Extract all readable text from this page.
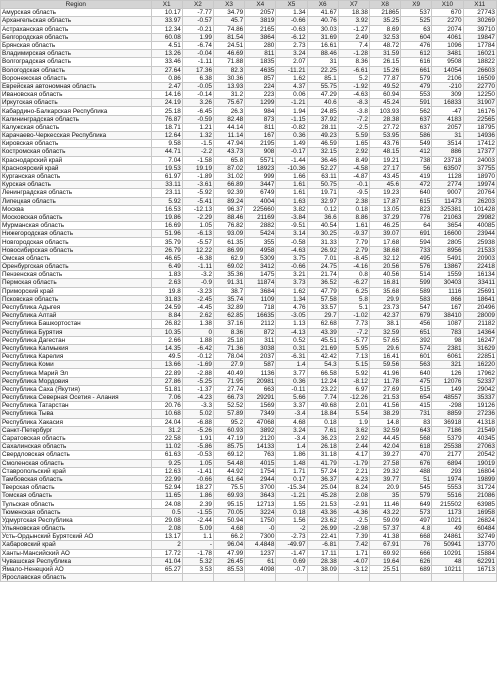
Region	X1	X2	X3	X4	X5	X6	X7	X8	X9	X10	X11
Амурская область	10.17	-7.77	34.79	2057	1.34	41.67	18.38	21865	537	670	27743
Архангельская область	33.97	-0.57	45.7	3819	-0.66	40.76	3.92	35.25	525	2270	30269
Астраханская область	12.34	-0.21	74.86	2165	-0.63	30.03	-1.27	8.69	63	2074	39710
Белгородская область	60.08	1.99	81.54	3864	-6.12	31.69	2.49	32.53	604	4061	19847
Брянская область	4.51	-6.74	24.51	280	2.73	16.61	7.4	48.72	476	1096	17784
Владимирская область	13.26	-0.04	46.69	811	3.24	88.46	-1.28	31.59	612	3481	16021
Волгоградская область	33.46	-1.11	71.88	1835	2.07	31	8.36	26.15	616	9508	18822
Вологодская область	27.64	17.36	82.3	4635	-11.21	22.25	-6.61	15.26	661	14054	26603
Воронежская область	0.86	6.38	30.36	857	1.62	85.1	5.2	77.87	579	2106	16509
Еврейская автономная область	2.47	-0.05	13.93	224	4.37	55.75	-1.92	49.52	479	-210	22770
Ивановская область	14.16	-0.14	31.2	223	0.06	47.29	-4.63	60.94	553	309	12250
Иркутская область	24.19	3.26	75.67	1299	-1.21	40.6	-8.3	45.24	591	16833	31907
Кабардино-Балкарская Республика	25.18	-6.45	26.3	984	1.94	24.85	-3.8	103.93	562	-47	16176
Калининградская область	76.87	-0.59	82.48	873	-1.15	37.92	-7.2	28.38	637	4183	22565
Калужская область	18.71	1.21	44.14	811	-0.82	28.11	-2.5	27.72	637	2057	18795
Карачаево-Черкесская Республика	12.64	1.32	11.14	167	0.36	49.23	5.59	53.95	586	31	14936
Кировская область	9.58	-1.5	47.94	2195	1.49	46.59	1.65	43.76	549	3514	17412
Костромская область	44.71	-2.2	43.73	908	-0.17	32.15	2.92	48.15	412	886	17377
Краснодарский край	7.04	-1.58	65.8	5571	-1.44	36.46	8.49	19.21	738	23718	24003
Красноярский край	19.53	19.19	87.02	18923	-10.36	52.27	-4.58	27.17	56	63507	37755
Курганская область	61.97	-1.89	31.02	999	1.66	63.11	-4.87	43.45	419	1128	18970
Курская область	33.11	-3.61	66.89	3447	1.61	50.75	-0.1	45.6	472	2774	19974
Ленинградская область	23.11	-5.92	92.39	6749	1.61	19.71	-9.5	19.23	640	9007	20764
Липецкая область	5.92	-5.41	89.24	4004	1.63	32.97	2.38	17.87	615	11473	26203
Москва	16.53	-12.13	96.37	225660	3.82	0.12	0.18	13.05	823	325381	101428
Московская область	19.86	-2.29	88.46	21169	-3.84	36.6	8.86	37.29	776	21063	29982
Мурманская область	16.69	1.05	76.82	2882	-9.51	40.54	1.61	46.25	64	3654	40085
Нижегородская область	51.96	-6.13	93.09	5424	3.14	30.25	-9.37	39.07	691	16600	23944
Новгородская область	35.79	-5.57	61.35	355	-0.58	31.33	7.79	17.68	594	2805	25938
Новосибирская область	26.79	12.22	86.99	4958	-4.63	26.92	2.79	38.68	733	8956	21533
Омская область	46.65	-6.38	62.9	5309	3.75	7.01	-8.45	32.12	495	5491	20903
Оренбургская область	6.49	-1.11	69.02	3412	-0.66	24.75	-4.16	20.56	576	13867	22418
Пензенская область	1.83	-3.2	35.36	1475	3.21	21.74	0.8	40.56	514	1559	16134
Пермская область	2.63	-0.9	91.31	11874	3.73	36.52	-6.27	16.81	599	30403	33411
Приморский край	19.8	-3.23	38.7	3684	1.62	47.79	6.25	35.68	589	1116	25691
Псковская область	31.83	-2.45	35.74	1109	1.34	57.58	5.8	29.9	583	866	18641
Республика Адыгея	24.59	-4.45	32.89	718	4.76	33.57	5.1	23.73	547	167	20496
Республика Алтай	8.84	2.62	62.85	16635	-3.05	29.7	-1.02	42.37	679	38410	28009
Республика Башкортостан	26.82	1.38	37.16	2112	1.13	62.68	7.73	38.1	456	1087	21182
Республика Бурятия	10.35	0	8.36	872	-4.13	43.39	-7.2	32.59	651	783	14364
Республика Дагестан	2.66	1.88	25.18	311	0.52	45.51	-5.77	57.65	392	98	16247
Республика Калмыкия	14.35	-6.42	71.36	3038	0.31	21.69	5.95	29.6	574	2381	31629
Республика Карелия	49.5	-0.12	78.04	2037	-6.31	42.42	7.13	16.41	601	6061	22851
Республика Коми	13.66	-1.69	27.9	587	1.4	54.3	5.15	59.56	563	321	16220
Республика Марий Эл	22.89	-2.88	40.49	1136	3.77	66.58	5.92	41.96	640	126	17962
Республика Мордовия	27.86	-5.25	71.95	20981	0.36	12.24	-8.12	11.78	475	12076	52337
Республика Саха (Якутия)	51.81	-1.37	27.74	663	-0.11	23.22	6.97	27.69	515	149	29042
Республика Северная Осетия - Алания	7.06	-4.23	66.73	29291	5.66	7.74	-12.26	21.53	654	48557	35337
Республика Татарстан	20.76	-3.3	52.52	1569	3.37	49.68	2.01	41.56	415	-298	19126
Республика Тыва	10.68	5.02	57.89	7349	-3.4	18.84	5.54	38.29	731	8859	27236
Республика Хакасия	24.04	-6.88	95.2	47068	4.68	0.18	1.9	14.8	83	36918	41318
Санкт-Петербург	31.2	-5.26	60.93	3892	3.24	7.61	3.62	32.59	643	7186	21549
Саратовская область	22.58	1.91	47.19	2120	-3.4	36.23	2.92	44.45	568	5379	40345
Сахалинская область	11.02	-5.86	85.75	14133	1.4	26.18	2.44	42.04	618	25538	27063
Свердловская область	61.63	-0.53	69.12	763	1.86	31.18	4.17	39.27	470	2177	20542
Смоленская область	9.25	1.05	54.48	4015	1.48	41.79	-1.79	27.58	676	6894	19019
Ставропольский край	12.63	-1.41	44.92	1754	1.71	57.24	2.21	29.32	488	293	16804
Тамбовская область	22.99	-0.66	61.64	2944	0.17	36.37	4.23	39.77	51	1974	19899
Тверская область	52.94	18.27	75.5	3700	-15.34	25.04	8.24	20.9	545	5553	31724
Томская область	11.65	1.86	69.93	3643	-1.21	45.28	2.08	35	579	5516	21086
Тульская область	24.08	2.39	95.15	12713	1.55	21.53	-2.91	11.46	649	215502	63985
Тюменская область	0.5	-1.55	70.05	3224	0.18	43.36	-4.36	43.22	573	1173	16958
Удмуртская Республика	29.08	-2.44	50.94	1750	1.56	23.62	-2.5	59.09	497	1021	26824
Ульяновская область	2.08	5.09	4.68	-0	-2	26.99	-2.98	57.37	4.8	49	60484
Усть-Ордынский Бурятский АО	13.17	1.1	66.2	7300	-2.73	22.41	7.39	41.38	668	24861	32749
Хабаровский край	2	-	96.04	4.4848	-49.97	-6.81	7.42	67.91	76	50941	13770
Ханты-Мансийский АО	17.72	-1.78	47.99	1237	-1.47	17.11	1.71	69.92	666	10291	15884
Чувашская Республика	41.04	5.32	26.45	61	0.69	28.38	-4.07	19.64	626	48	62291
Ямало-Ненецкий АО	65.27	3.53	85.53	4098	-0.7	38.09	-3.12	25.51	689	10211	16713
Ярославская область											
